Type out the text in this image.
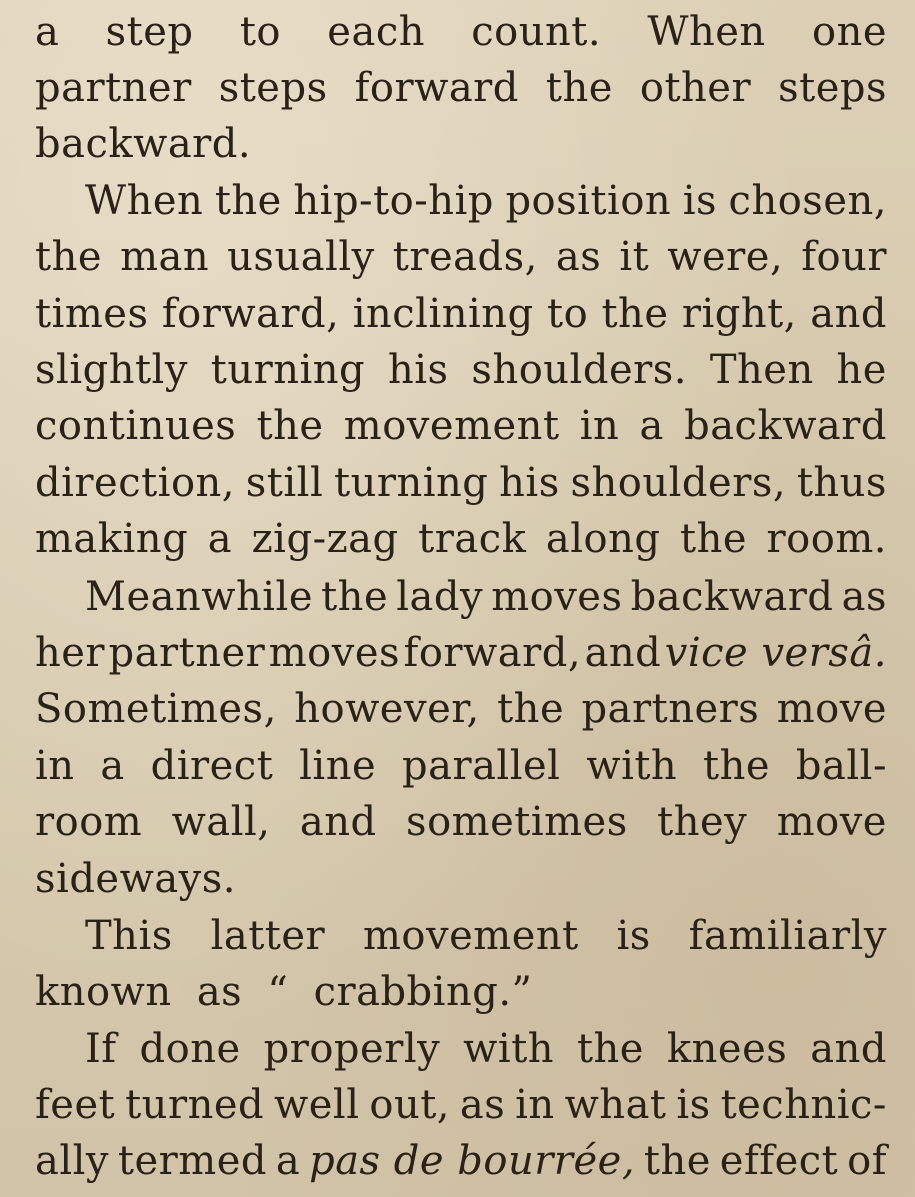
a step to each count. When one
partner steps forward the other steps
backward.
When the hip-to-hip position is chosen,
the man usually treads, as it were, four
times forward, inclining to the right, and
slightly turning his shoulders. Then he
continues the movement in a backward
direction, still turning his shoulders, thus
making a zig-zag track along the room.
Meanwhile the lady moves backward as
her partner moves forward, and vice versâ.
Sometimes, however, the partners move
in a direct line parallel with the ball-
room wall, and sometimes they move
sideways.
This latter movement is familiarly
known as “ crabbing.”
If done properly with the knees and
feet turned well out, as in what is technic-
ally termed a pas de bourrée, the effect of
